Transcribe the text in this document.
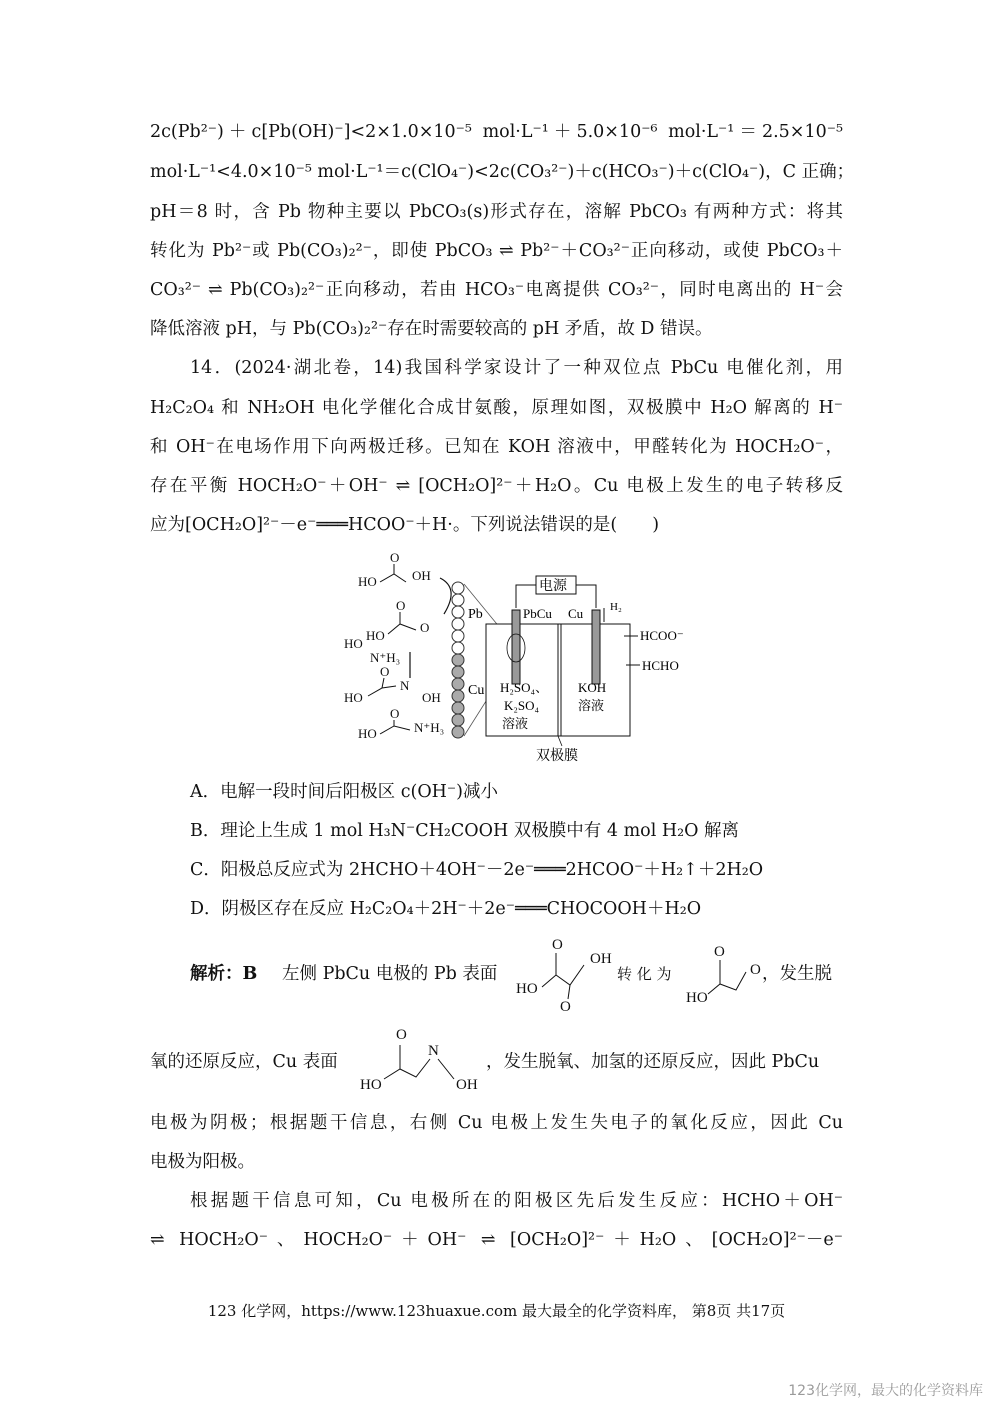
2c(Pb²⁻)＋c[Pb(OH)⁻]<2×1.0×10⁻⁵ mol·L⁻¹＋5.0×10⁻⁶ mol·L⁻¹＝2.5×10⁻⁵
mol·L⁻¹<4.0×10⁻⁵ mol·L⁻¹＝c(ClO₄⁻)<2c(CO₃²⁻)＋c(HCO₃⁻)＋c(ClO₄⁻)，C 正确；
pH＝8 时，含 Pb 物种主要以 PbCO₃(s)形式存在，溶解 PbCO₃ 有两种方式：将其
转化为 Pb²⁻或 Pb(CO₃)₂²⁻，即使 PbCO₃ ⇌ Pb²⁻＋CO₃²⁻正向移动，或使 PbCO₃＋
CO₃²⁻ ⇌ Pb(CO₃)₂²⁻正向移动，若由 HCO₃⁻电离提供 CO₃²⁻，同时电离出的 H⁻会
降低溶液 pH，与 Pb(CO₃)₂²⁻存在时需要较高的 pH 矛盾，故 D 错误。
14．(2024·湖北卷，14)我国科学家设计了一种双位点 PbCu 电催化剂，用
H₂C₂O₄ 和 NH₂OH 电化学催化合成甘氨酸，原理如图，双极膜中 H₂O 解离的 H⁻
和 OH⁻在电场作用下向两极迁移。已知在 KOH 溶液中，甲醛转化为 HOCH₂O⁻，
存在平衡 HOCH₂O⁻＋OH⁻ ⇌ [OCH₂O]²⁻＋H₂O。Cu 电极上发生的电子转移反
应为[OCH₂O]²⁻－e⁻═══HCOO⁻＋H·。下列说法错误的是(　　)
O
HO	OH
O
HO
O
HO
N⁺H₃
O
HO
N
OH
O
HO	N⁺H₃
Pb
Cu
电源
PbCu Cu H₂
H₂SO₄、
K₂SO₄
溶液
KOH
溶液
HCOO⁻
HCHO
双极膜
A．电解一段时间后阳极区 c(OH⁻)减小
B．理论上生成 1 mol H₃N⁻CH₂COOH 双极膜中有 4 mol H₂O 解离
C．阳极总反应式为 2HCHO＋4OH⁻－2e⁻═══2HCOO⁻＋H₂↑＋2H₂O
D．阴极区存在反应 H₂C₂O₄＋2H⁻＋2e⁻═══CHOCOOH＋H₂O
解析：B 左侧 PbCu 电极的 Pb 表面
O
OH
HO
O
转 化 为
O
O
HO
，发生脱
氧的还原反应，Cu 表面
O
N
HO	OH
，发生脱氧、加氢的还原反应，因此 PbCu
电极为阴极；根据题干信息，右侧 Cu 电极上发生失电子的氧化反应，因此 Cu
电极为阳极。
根据题干信息可知，Cu 电极所在的阳极区先后发生反应：HCHO＋OH⁻
⇌ HOCH₂O⁻、HOCH₂O⁻＋OH⁻ ⇌ [OCH₂O]²⁻＋H₂O、[OCH₂O]²⁻－e⁻
123 化学网，https://www.123huaxue.com 最大最全的化学资料库， 第8页 共17页
123化学网，最大的化学资料库
